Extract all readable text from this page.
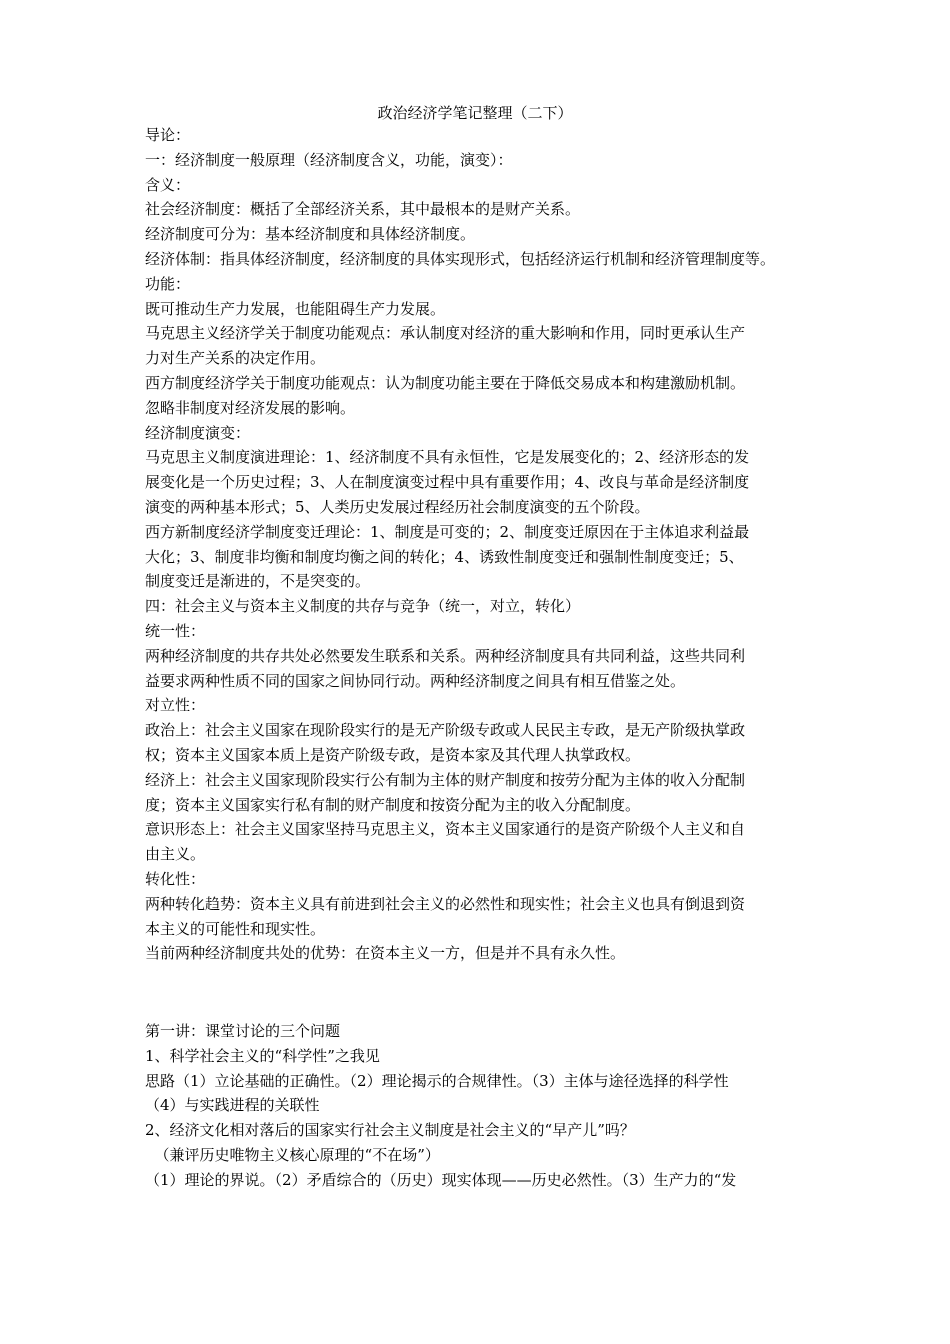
政治经济学笔记整理（二下）
导论：
一：经济制度一般原理（经济制度含义，功能，演变）：
含义：
社会经济制度：概括了全部经济关系，其中最根本的是财产关系。
经济制度可分为：基本经济制度和具体经济制度。
经济体制：指具体经济制度，经济制度的具体实现形式，包括经济运行机制和经济管理制度等。
功能：
既可推动生产力发展，也能阻碍生产力发展。
马克思主义经济学关于制度功能观点：承认制度对经济的重大影响和作用，同时更承认生产
力对生产关系的决定作用。
西方制度经济学关于制度功能观点：认为制度功能主要在于降低交易成本和构建激励机制。
忽略非制度对经济发展的影响。
经济制度演变：
马克思主义制度演进理论：1、经济制度不具有永恒性，它是发展变化的；2、经济形态的发
展变化是一个历史过程；3、人在制度演变过程中具有重要作用；4、改良与革命是经济制度
演变的两种基本形式；5、人类历史发展过程经历社会制度演变的五个阶段。
西方新制度经济学制度变迁理论：1、制度是可变的；2、制度变迁原因在于主体追求利益最
大化；3、制度非均衡和制度均衡之间的转化；4、诱致性制度变迁和强制性制度变迁；5、
制度变迁是渐进的，不是突变的。
四：社会主义与资本主义制度的共存与竞争（统一，对立，转化）
统一性：
两种经济制度的共存共处必然要发生联系和关系。两种经济制度具有共同利益，这些共同利
益要求两种性质不同的国家之间协同行动。两种经济制度之间具有相互借鉴之处。
对立性：
政治上：社会主义国家在现阶段实行的是无产阶级专政或人民民主专政，是无产阶级执掌政
权；资本主义国家本质上是资产阶级专政，是资本家及其代理人执掌政权。
经济上：社会主义国家现阶段实行公有制为主体的财产制度和按劳分配为主体的收入分配制
度；资本主义国家实行私有制的财产制度和按资分配为主的收入分配制度。
意识形态上：社会主义国家坚持马克思主义，资本主义国家通行的是资产阶级个人主义和自
由主义。
转化性：
两种转化趋势：资本主义具有前进到社会主义的必然性和现实性；社会主义也具有倒退到资
本主义的可能性和现实性。
当前两种经济制度共处的优势：在资本主义一方，但是并不具有永久性。
第一讲：课堂讨论的三个问题
1、科学社会主义的“科学性”之我见
思路（1）立论基础的正确性。（2）理论揭示的合规律性。（3）主体与途径选择的科学性
（4）与实践进程的关联性
2、经济文化相对落后的国家实行社会主义制度是社会主义的“早产儿”吗？
（兼评历史唯物主义核心原理的“不在场”）
（1）理论的界说。（2）矛盾综合的（历史）现实体现——历史必然性。（3）生产力的“发
